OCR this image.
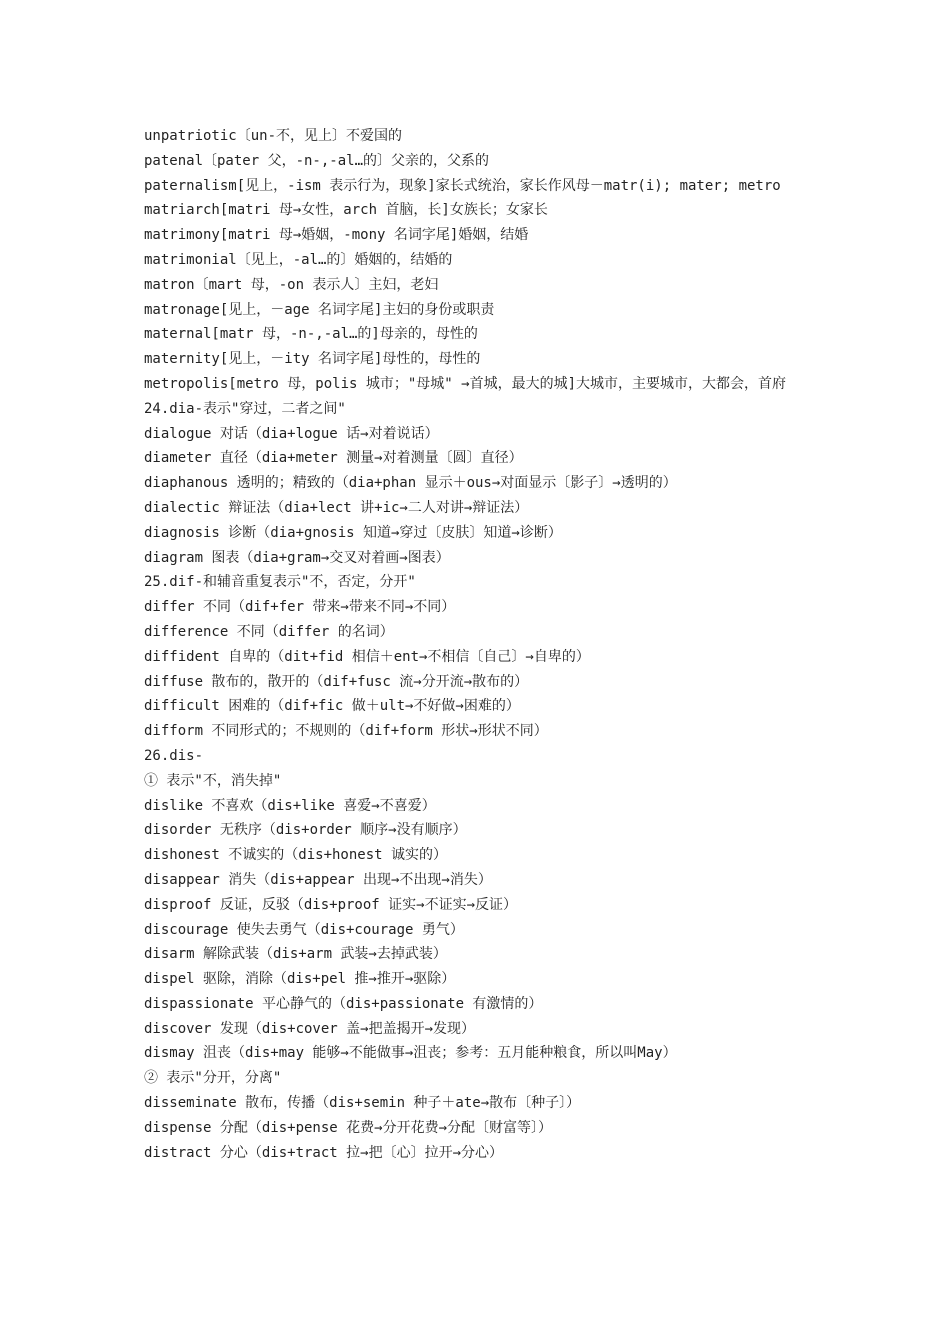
unpatriotic〔un-不，见上〕不爱国的

patenal〔pater 父，-n-,-al…的〕父亲的，父系的

paternalism[见上，-ism 表示行为，现象]家长式统治，家长作风母－matr(i); mater; metro

matriarch[matri 母→女性，arch 首脑，长]女族长；女家长

matrimony[matri 母→婚姻，-mony 名词字尾]婚姻，结婚

matrimonial〔见上，-al…的〕婚姻的，结婚的

matron〔mart 母，-on 表示人〕主妇，老妇

matronage[见上，－age 名词字尾]主妇的身份或职责

maternal[matr 母，-n-,-al…的]母亲的，母性的

maternity[见上，－ity 名词字尾]母性的，母性的

metropolis[metro 母，polis 城市；"母城" →首城，最大的城]大城市，主要城市，大都会，首府

24.dia-表示"穿过，二者之间"

dialogue 对话（dia+logue 话→对着说话）

diameter 直径（dia+meter 测量→对着测量〔圆〕直径）

diaphanous 透明的；精致的（dia+phan 显示＋ous→对面显示〔影子〕→透明的）

dialectic 辩证法（dia+lect 讲+ic→二人对讲→辩证法）

diagnosis 诊断（dia+gnosis 知道→穿过〔皮肤〕知道→诊断）

diagram 图表（dia+gram→交叉对着画→图表）

25.dif-和辅音重复表示"不，否定，分开"

differ 不同（dif+fer 带来→带来不同→不同）

difference 不同（differ 的名词）

diffident 自卑的（dit+fid 相信＋ent→不相信〔自己〕→自卑的）

diffuse 散布的，散开的（dif+fusc 流→分开流→散布的）

difficult 困难的（dif+fic 做＋ult→不好做→困难的）

difform 不同形式的；不规则的（dif+form 形状→形状不同）

26.dis-

① 表示"不，消失掉"

dislike 不喜欢（dis+like 喜爱→不喜爱）

disorder 无秩序（dis+order 顺序→没有顺序）

dishonest 不诚实的（dis+honest 诚实的）

disappear 消失（dis+appear 出现→不出现→消失）

disproof 反证，反驳（dis+proof 证实→不证实→反证）

discourage 使失去勇气（dis+courage 勇气）

disarm 解除武装（dis+arm 武装→去掉武装）

dispel 驱除，消除（dis+pel 推→推开→驱除）

dispassionate 平心静气的（dis+passionate 有激情的）

discover 发现（dis+cover 盖→把盖揭开→发现）

dismay 沮丧（dis+may 能够→不能做事→沮丧；参考：五月能种粮食，所以叫May）

② 表示"分开，分离"

disseminate 散布，传播（dis+semin 种子＋ate→散布〔种子〕）

dispense 分配（dis+pense 花费→分开花费→分配〔财富等〕）

distract 分心（dis+tract 拉→把〔心〕拉开→分心）
